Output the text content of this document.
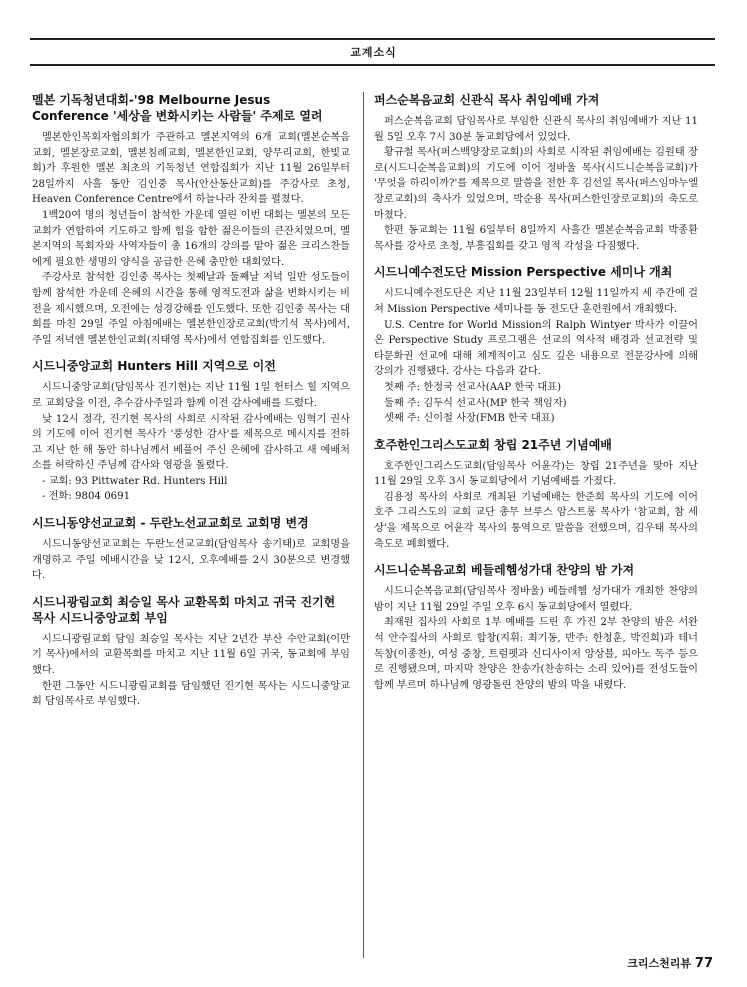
교계소식
멜본 기독청년대회-'98 Melbourne Jesus Conference '세상을 변화시키는 사람들' 주제로 열려

멜본한인목회자협의회가 주관하고 멜본지역의 6개 교회(멜본순복음교회, 멜본장로교회, 멜본침례교회, 멜본한인교회, 양무리교회, 한빛교회)가 후원한 멜본 최초의 기독청년 연합집회가 지난 11월 26일부터 28일까지 사흘 동안 김인중 목사(안산동산교회)를 주강사로 초청, Heaven Conference Centre에서 하늘나라 잔치를 펼쳤다.

1백20여 명의 청년들이 참석한 가운데 열린 이번 대회는 멜본의 모든 교회가 연합하여 기도하고 함께 힘을 합한 젊은이들의 큰잔치였으며, 멜본지역의 목회자와 사역자들이 총 16개의 강의를 맡아 젊은 크리스찬들에게 필요한 생명의 양식을 공급한 은혜 충만한 대회였다.

주강사로 참석한 김인중 목사는 첫째날과 둘째날 저녁 일반 성도들이 함께 참석한 가운데 은혜의 시간을 통해 영적도전과 삶을 변화시키는 비전을 제시했으며, 오전에는 성경강해를 인도했다. 또한 김인중 목사는 대회를 마친 29일 주일 아침에배는 멜본한인장로교회(박기석 목사)에서, 주일 저녁엔 멜본한인교회(지태영 목사)에서 연합집회를 인도했다.

시드니중앙교회 Hunters Hill 지역으로 이전

시드니중앙교회(담임목사 진기현)는 지난 11월 1일 헌터스 힐 지역으로 교회당을 이전, 추수감사주일과 함께 이전 감사예배를 드렸다.

낮 12시 정각, 진기현 목사의 사회로 시작된 감사예배는 임혁기 권사의 기도에 이어 진기현 목사가 '풍성한 감사'를 제목으로 메시지를 전하고 지난 한 해 동안 하나님께서 베풀어 주신 은혜에 감사하고 새 예배처소를 허락하신 주님께 감사와 영광을 돌렸다.

- 교회: 93 Pittwater Rd. Hunters Hill

- 전화: 9804 0691

시드니동양선교교회 - 두란노선교교회로 교회명 변경

시드니동양선교교회는 두란노선교교회(담임목사 송기태)로 교회명을 개명하고 주일 예배시간을 낮 12시, 오후예배를 2시 30분으로 변경했다.

시드니광림교회 최승일 목사 교환목회 마치고 귀국 진기현 목사 시드니중앙교회 부임

시드니광림교회 담임 최승일 목사는 지난 2년간 부산 수안교회(이만기 목사)에서의 교환목회를 마치고 지난 11월 6일 귀국, 동교회에 부임했다.

한편 그동안 시드니광림교회를 담임했던 진기현 목사는 시드니중앙교회 담임목사로 부임했다.

퍼스순복음교회 신관식 목사 취임예배 가져

퍼스순복음교회 담임목사로 부임한 신관식 목사의 취임예배가 지난 11월 5일 오후 7시 30분 동교회당에서 있었다.

황규철 목사(퍼스백양장로교회)의 사회로 시작된 취임예배는 김원태 장로(시드니순복음교회)의 기도에 이어 정바울 목사(시드니순복음교회)가 '무엇을 하리이까?'를 제목으로 말씀을 전한 후 김선일 목사(퍼스임마누엘장로교회)의 축사가 있었으며, 박순용 목사(퍼스한인장로교회)의 축도로 마쳤다.

한편 동교회는 11월 6일부터 8일까지 사흘간 멜본순복음교회 박종환 목사를 강사로 초청, 부흥집회를 갖고 영적 각성을 다짐했다.

시드니예수전도단 Mission Perspective 세미나 개최

시드니예수전도단은 지난 11월 23일부터 12월 11일까지 세 주간에 걸쳐 Mission Perspective 세미나를 동 전도단 훈련원에서 개최했다.

U.S. Centre for World Mission의 Ralph Wintyer 박사가 이끌어 온 Perspective Study 프로그램은 선교의 역사적 배경과 선교전략 및 타문화권 선교에 대해 체계적이고 심도 깊은 내용으로 전문강사에 의해 강의가 진행됐다. 강사는 다음과 같다.

첫째 주: 한정국 선교사(AAP 한국 대표)

둘째 주: 김두식 선교사(MP 한국 책임자)

셋째 주: 신이철 사장(FMB 한국 대표)

호주한인그리스도교회 창립 21주년 기념예배

호주한인그리스도교회(담임목사 어윤각)는 창립 21주년을 맞아 지난 11월 29일 오후 3시 동교회당에서 기념예배를 가졌다.

김용정 목사의 사회로 개최된 기념예배는 한준희 목사의 기도에 이어 호주 그리스도의 교회 교단 총무 브루스 암스트롱 목사가 '참교회, 참 세상'을 제목으로 어윤각 목사의 통역으로 말씀을 전했으며, 김우태 목사의 축도로 폐회했다.

시드니순복음교회 베들레헴성가대 찬양의 밤 가져

시드니순복음교회(담임목사 정바울) 베들레헴 성가대가 개최한 찬양의 밤이 지난 11월 29일 주일 오후 6시 동교회당에서 열렸다.

최재원 집사의 사회로 1부 예배를 드린 후 가진 2부 찬양의 밤은 서완석 안수집사의 사회로 합창(지휘: 최기동, 반주: 한청훈, 박진희)과 테너 독창(이종찬), 여성 중창, 트럼펫과 신디사이저 앙상블, 피아노 독주 등으로 진행됐으며, 마지막 찬양은 찬송가(찬송하는 소리 있어)를 전성도들이 함께 부르며 하나님께 영광돌린 찬양의 밤의 막을 내렸다.

크리스천리뷰 77
